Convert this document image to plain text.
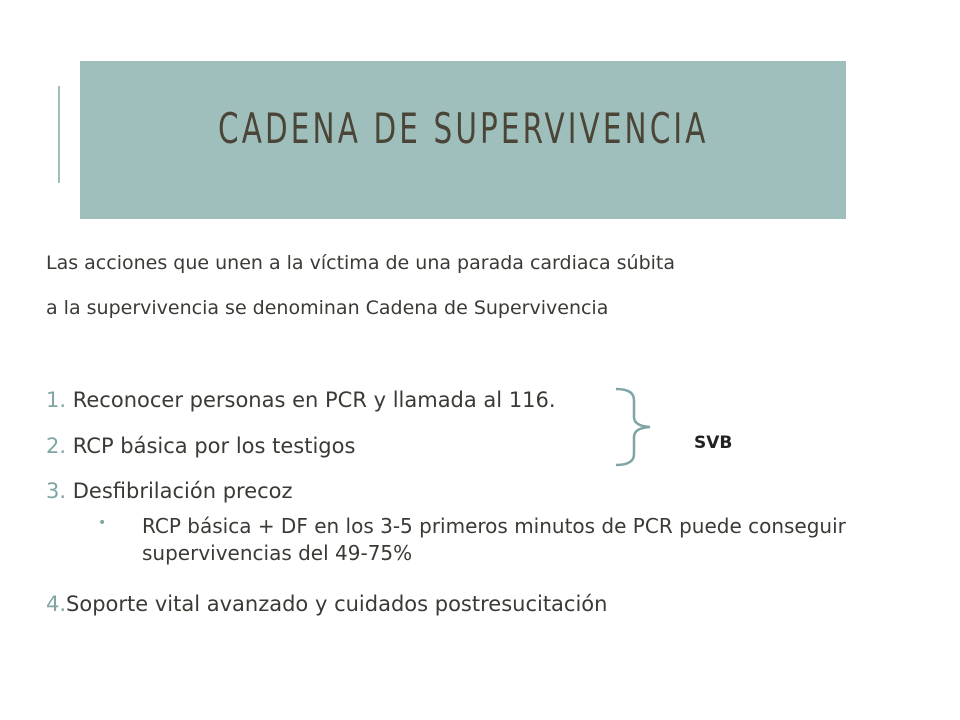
CADENA DE SUPERVIVENCIA
Las acciones que unen a la víctima de una parada cardiaca súbita
a la supervivencia se denominan Cadena de Supervivencia
1. Reconocer personas en PCR y llamada al 116.
2. RCP básica por los testigos
3. Desfibrilación precoz
• RCP básica + DF en los 3-5 primeros minutos de PCR puede conseguir supervivencias del 49-75%
4.Soporte vital avanzado y cuidados postresucitación
SVB
